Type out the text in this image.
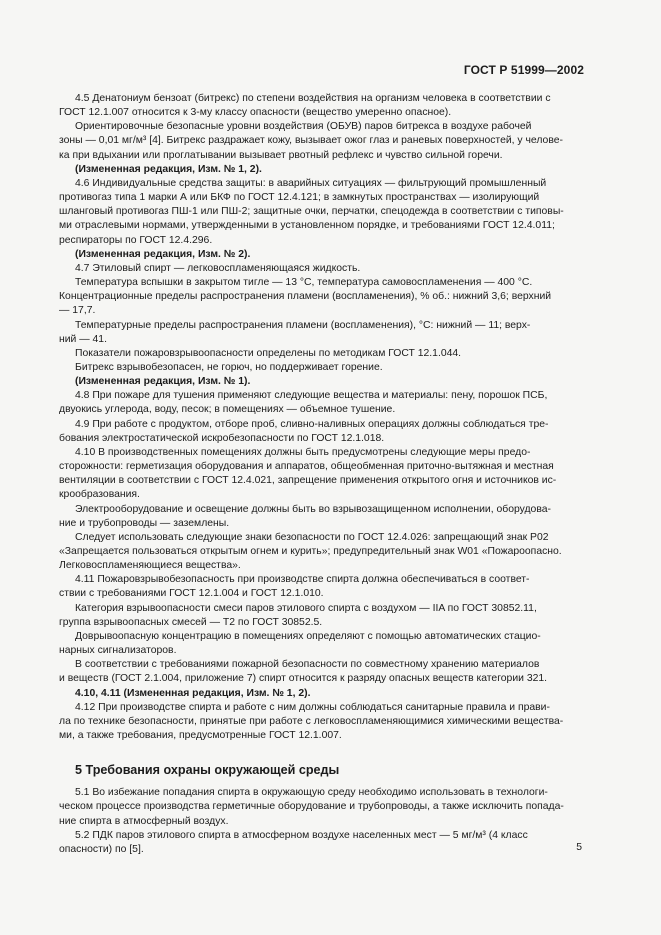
ГОСТ Р 51999—2002

4.5 Денатониум бензоат (битрекс) по степени воздействия на организм человека в соответствии с
ГОСТ 12.1.007 относится к 3-му классу опасности (вещество умеренно опасное).

Ориентировочные безопасные уровни воздействия (ОБУВ) паров битрекса в воздухе рабочей
зоны — 0,01 мг/м³ [4]. Битрекс раздражает кожу, вызывает ожог глаз и раневых поверхностей, у челове-
ка при вдыхании или проглатывании вызывает рвотный рефлекс и чувство сильной горечи.

(Измененная редакция, Изм. № 1, 2).

4.6 Индивидуальные средства защиты: в аварийных ситуациях — фильтрующий промышленный
противогаз типа 1 марки А или БКФ по ГОСТ 12.4.121; в замкнутых пространствах — изолирующий
шланговый противогаз ПШ-1 или ПШ-2; защитные очки, перчатки, спецодежда в соответствии с типовы-
ми отраслевыми нормами, утвержденными в установленном порядке, и требованиями ГОСТ 12.4.011;
респираторы по ГОСТ 12.4.296.

(Измененная редакция, Изм. № 2).

4.7 Этиловый спирт — легковоспламеняющаяся жидкость.

Температура вспышки в закрытом тигле — 13 °C, температура самовоспламенения — 400 °C.
Концентрационные пределы распространения пламени (воспламенения), % об.: нижний 3,6; верхний
— 17,7.

Температурные пределы распространения пламени (воспламенения), °C: нижний — 11; верх-
ний — 41.

Показатели пожаровзрывоопасности определены по методикам ГОСТ 12.1.044.

Битрекс взрывобезопасен, не горюч, но поддерживает горение.

(Измененная редакция, Изм. № 1).

4.8 При пожаре для тушения применяют следующие вещества и материалы: пену, порошок ПСБ,
двуокись углерода, воду, песок; в помещениях — объемное тушение.

4.9 При работе с продуктом, отборе проб, сливно-наливных операциях должны соблюдаться тре-
бования электростатической искробезопасности по ГОСТ 12.1.018.

4.10 В производственных помещениях должны быть предусмотрены следующие меры предо-
сторожности: герметизация оборудования и аппаратов, общеобменная приточно-вытяжная и местная
вентиляции в соответствии с ГОСТ 12.4.021, запрещение применения открытого огня и источников ис-
крообразования.

Электрооборудование и освещение должны быть во взрывозащищенном исполнении, оборудова-
ние и трубопроводы — заземлены.

Следует использовать следующие знаки безопасности по ГОСТ 12.4.026: запрещающий знак Р02
«Запрещается пользоваться открытым огнем и курить»; предупредительный знак W01 «Пожароопасно.
Легковоспламеняющиеся вещества».

4.11 Пожаровзрывобезопасность при производстве спирта должна обеспечиваться в соответ-
ствии с требованиями ГОСТ 12.1.004 и ГОСТ 12.1.010.

Категория взрывоопасности смеси паров этилового спирта с воздухом — IIA по ГОСТ 30852.11,
группа взрывоопасных смесей — Т2 по ГОСТ 30852.5.

Доврывоопасную концентрацию в помещениях определяют с помощью автоматических стацио-
нарных сигнализаторов.

В соответствии с требованиями пожарной безопасности по совместному хранению материалов
и веществ (ГОСТ 2.1.004, приложение 7) спирт относится к разряду опасных веществ категории 321.

4.10, 4.11 (Измененная редакция, Изм. № 1, 2).

4.12 При производстве спирта и работе с ним должны соблюдаться санитарные правила и прави-
ла по технике безопасности, принятые при работе с легковоспламеняющимися химическими вещества-
ми, а также требования, предусмотренные ГОСТ 12.1.007.

5 Требования охраны окружающей среды

5.1 Во избежание попадания спирта в окружающую среду необходимо использовать в технологи-
ческом процессе производства герметичные оборудование и трубопроводы, а также исключить попада-
ние спирта в атмосферный воздух.

5.2 ПДК паров этилового спирта в атмосферном воздухе населенных мест — 5 мг/м³ (4 класс
опасности) по [5].	5
